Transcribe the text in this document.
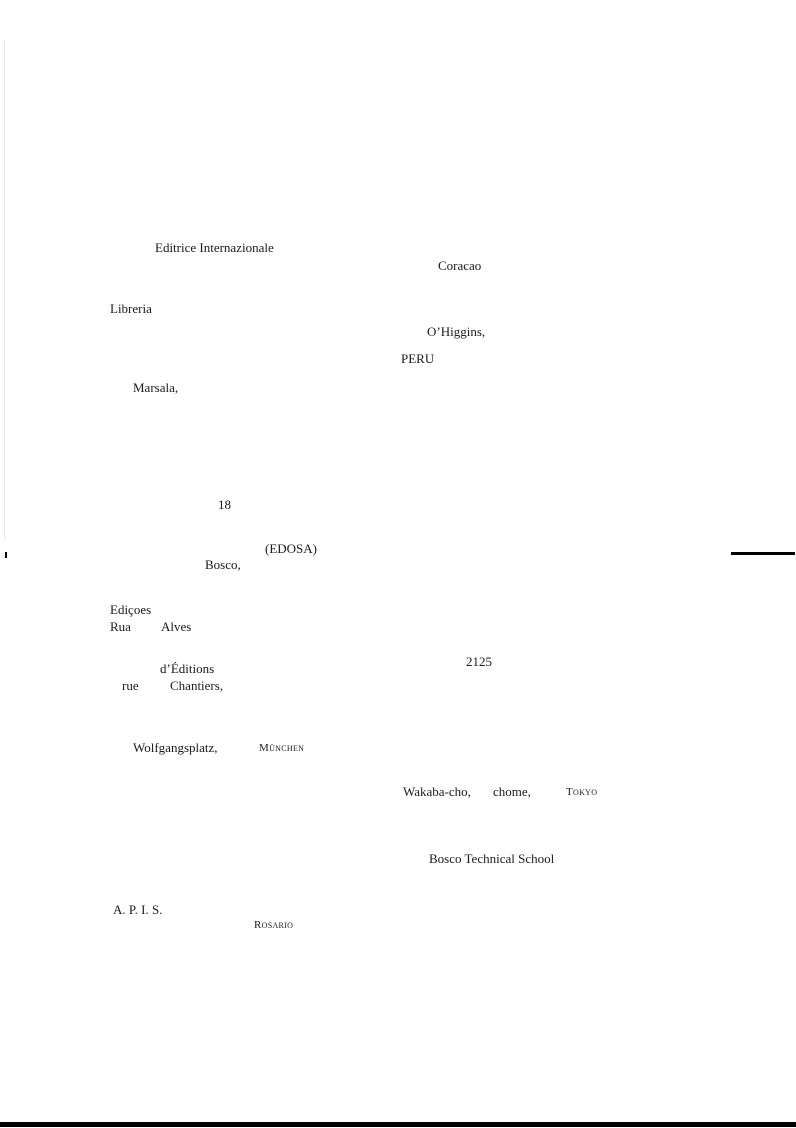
Editrice Internazionale
Libreria
Marsala,
18
(EDOSA)
Bosco,
Ediçoes
Rua Alves
d’Éditions
rue Chantiers,
Wolfgangsplatz,	München
A. P. I. S.
Rosario
Coracao
O’Higgins,
PERU
2125
Wakaba-cho, chome,	Tokyo
Bosco Technical School
